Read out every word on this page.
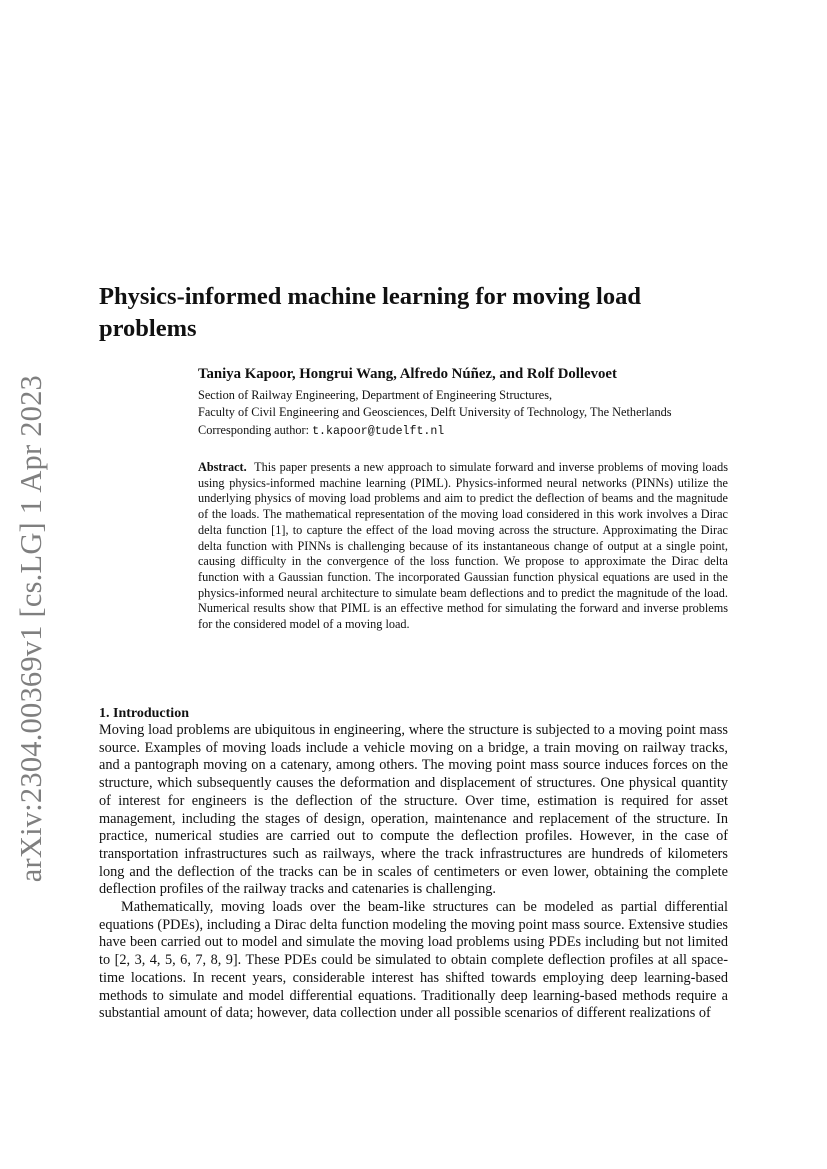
arXiv:2304.00369v1 [cs.LG] 1 Apr 2023
Physics-informed machine learning for moving load problems
Taniya Kapoor, Hongrui Wang, Alfredo Núñez, and Rolf Dollevoet
Section of Railway Engineering, Department of Engineering Structures,
Faculty of Civil Engineering and Geosciences, Delft University of Technology, The Netherlands
Corresponding author: t.kapoor@tudelft.nl

Abstract. This paper presents a new approach to simulate forward and inverse problems of moving loads using physics-informed machine learning (PIML). Physics-informed neural networks (PINNs) utilize the underlying physics of moving load problems and aim to predict the deflection of beams and the magnitude of the loads. The mathematical representation of the moving load considered in this work involves a Dirac delta function [1], to capture the effect of the load moving across the structure. Approximating the Dirac delta function with PINNs is challenging because of its instantaneous change of output at a single point, causing difficulty in the convergence of the loss function. We propose to approximate the Dirac delta function with a Gaussian function. The incorporated Gaussian function physical equations are used in the physics-informed neural architecture to simulate beam deflections and to predict the magnitude of the load. Numerical results show that PIML is an effective method for simulating the forward and inverse problems for the considered model of a moving load.

1. Introduction

Moving load problems are ubiquitous in engineering, where the structure is subjected to a moving point mass source. Examples of moving loads include a vehicle moving on a bridge, a train moving on railway tracks, and a pantograph moving on a catenary, among others. The moving point mass source induces forces on the structure, which subsequently causes the deformation and displacement of structures. One physical quantity of interest for engineers is the deflection of the structure. Over time, estimation is required for asset management, including the stages of design, operation, maintenance and replacement of the structure. In practice, numerical studies are carried out to compute the deflection profiles. However, in the case of transportation infrastructures such as railways, where the track infrastructures are hundreds of kilometers long and the deflection of the tracks can be in scales of centimeters or even lower, obtaining the complete deflection profiles of the railway tracks and catenaries is challenging.

Mathematically, moving loads over the beam-like structures can be modeled as partial differential equations (PDEs), including a Dirac delta function modeling the moving point mass source. Extensive studies have been carried out to model and simulate the moving load problems using PDEs including but not limited to [2, 3, 4, 5, 6, 7, 8, 9]. These PDEs could be simulated to obtain complete deflection profiles at all space-time locations. In recent years, considerable interest has shifted towards employing deep learning-based methods to simulate and model differential equations. Traditionally deep learning-based methods require a substantial amount of data; however, data collection under all possible scenarios of different realizations of
